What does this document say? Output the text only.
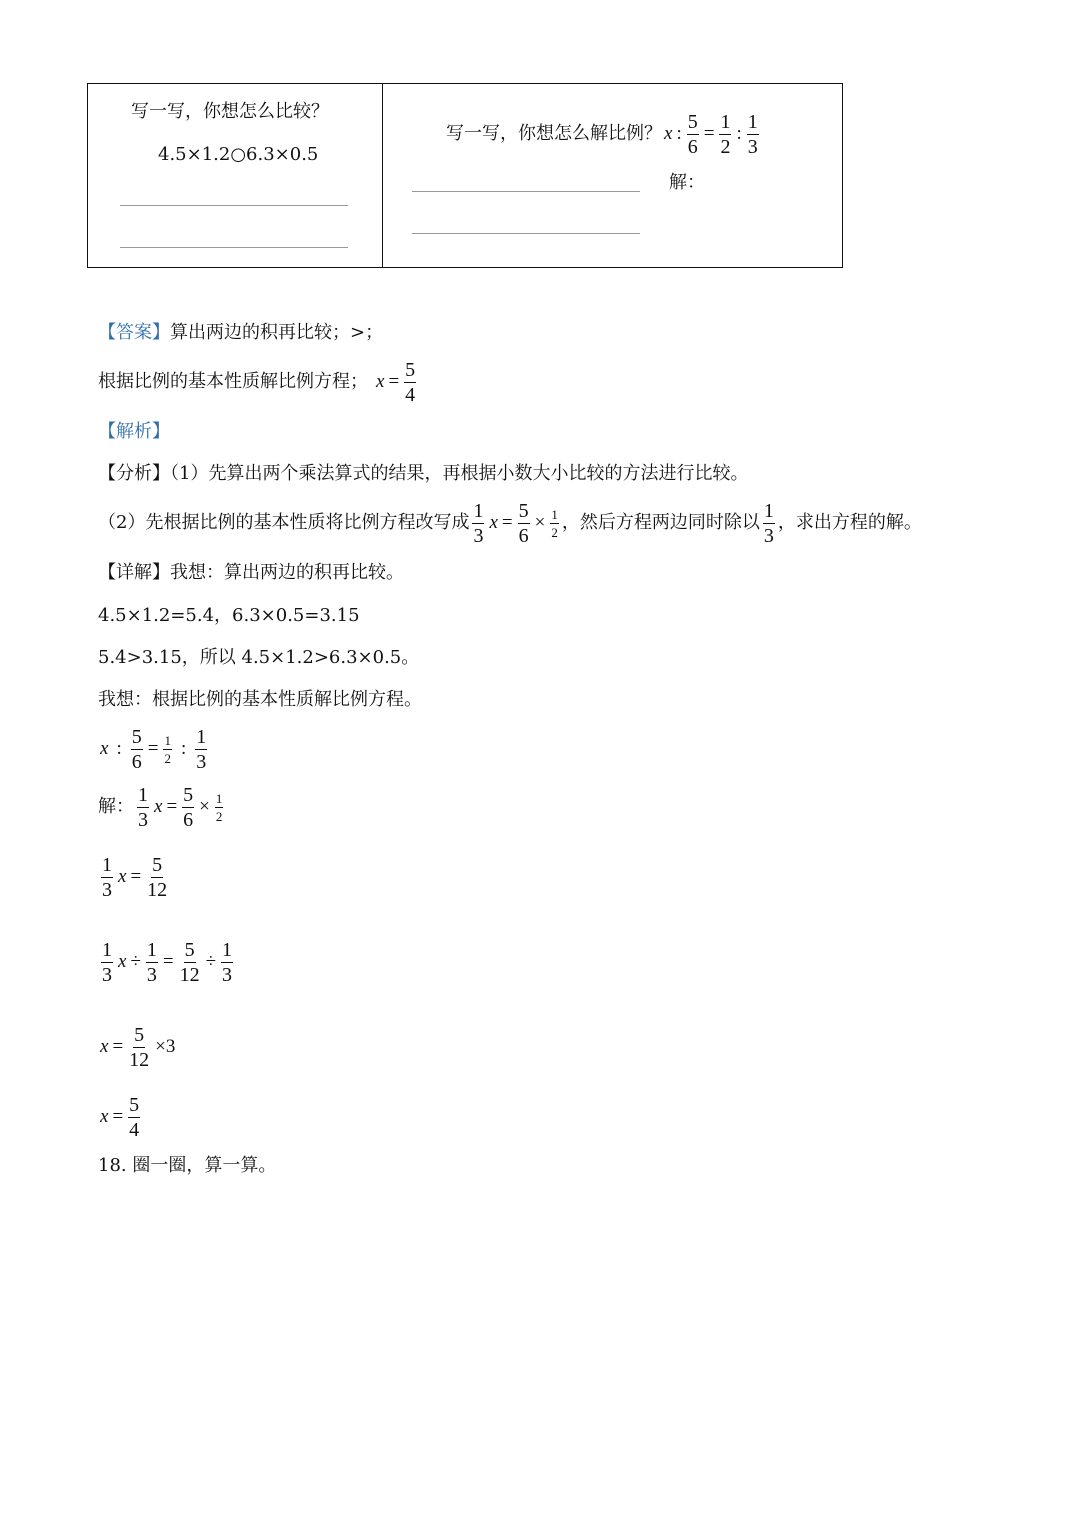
写一写，你想怎么比较？
4.5×1.2○6.3×0.5
写一写，你想怎么解比例？ x : $\frac{5}{6} = \frac{1}{2}$ : $\frac{1}{3}$
解：
【答案】算出两边的积再比较；>；
根据比例的基本性质解比例方程； $x = \frac{5}{4}$
【解析】
【分析】（1）先算出两个乘法算式的结果，再根据小数大小比较的方法进行比较。
（2）先根据比例的基本性质将比例方程改写成 $\frac{1}{3}$ $x = \frac{5}{6} \times \frac{1}{2}$ ，然后方程两边同时除以 $\frac{1}{3}$ ，求出方程的解。
【详解】我想：算出两边的积再比较。
4.5×1.2=5.4，6.3×0.5=3.15
5.4>3.15，所以 4.5×1.2>6.3×0.5。
我想：根据比例的基本性质解比例方程。
x : $\frac{5}{6} = \frac{1}{2}$ : $\frac{1}{3}$
解： $\frac{1}{3}$ $x = \frac{5}{6} \times \frac{1}{2}$
$\frac{1}{3}$ $x = \frac{5}{12}$
$\frac{1}{3}$ $x \div \frac{1}{3} = \frac{5}{12} \div \frac{1}{3}$
$x = \frac{5}{12} \times 3$
$x = \frac{5}{4}$
18. 圈一圈，算一算。
